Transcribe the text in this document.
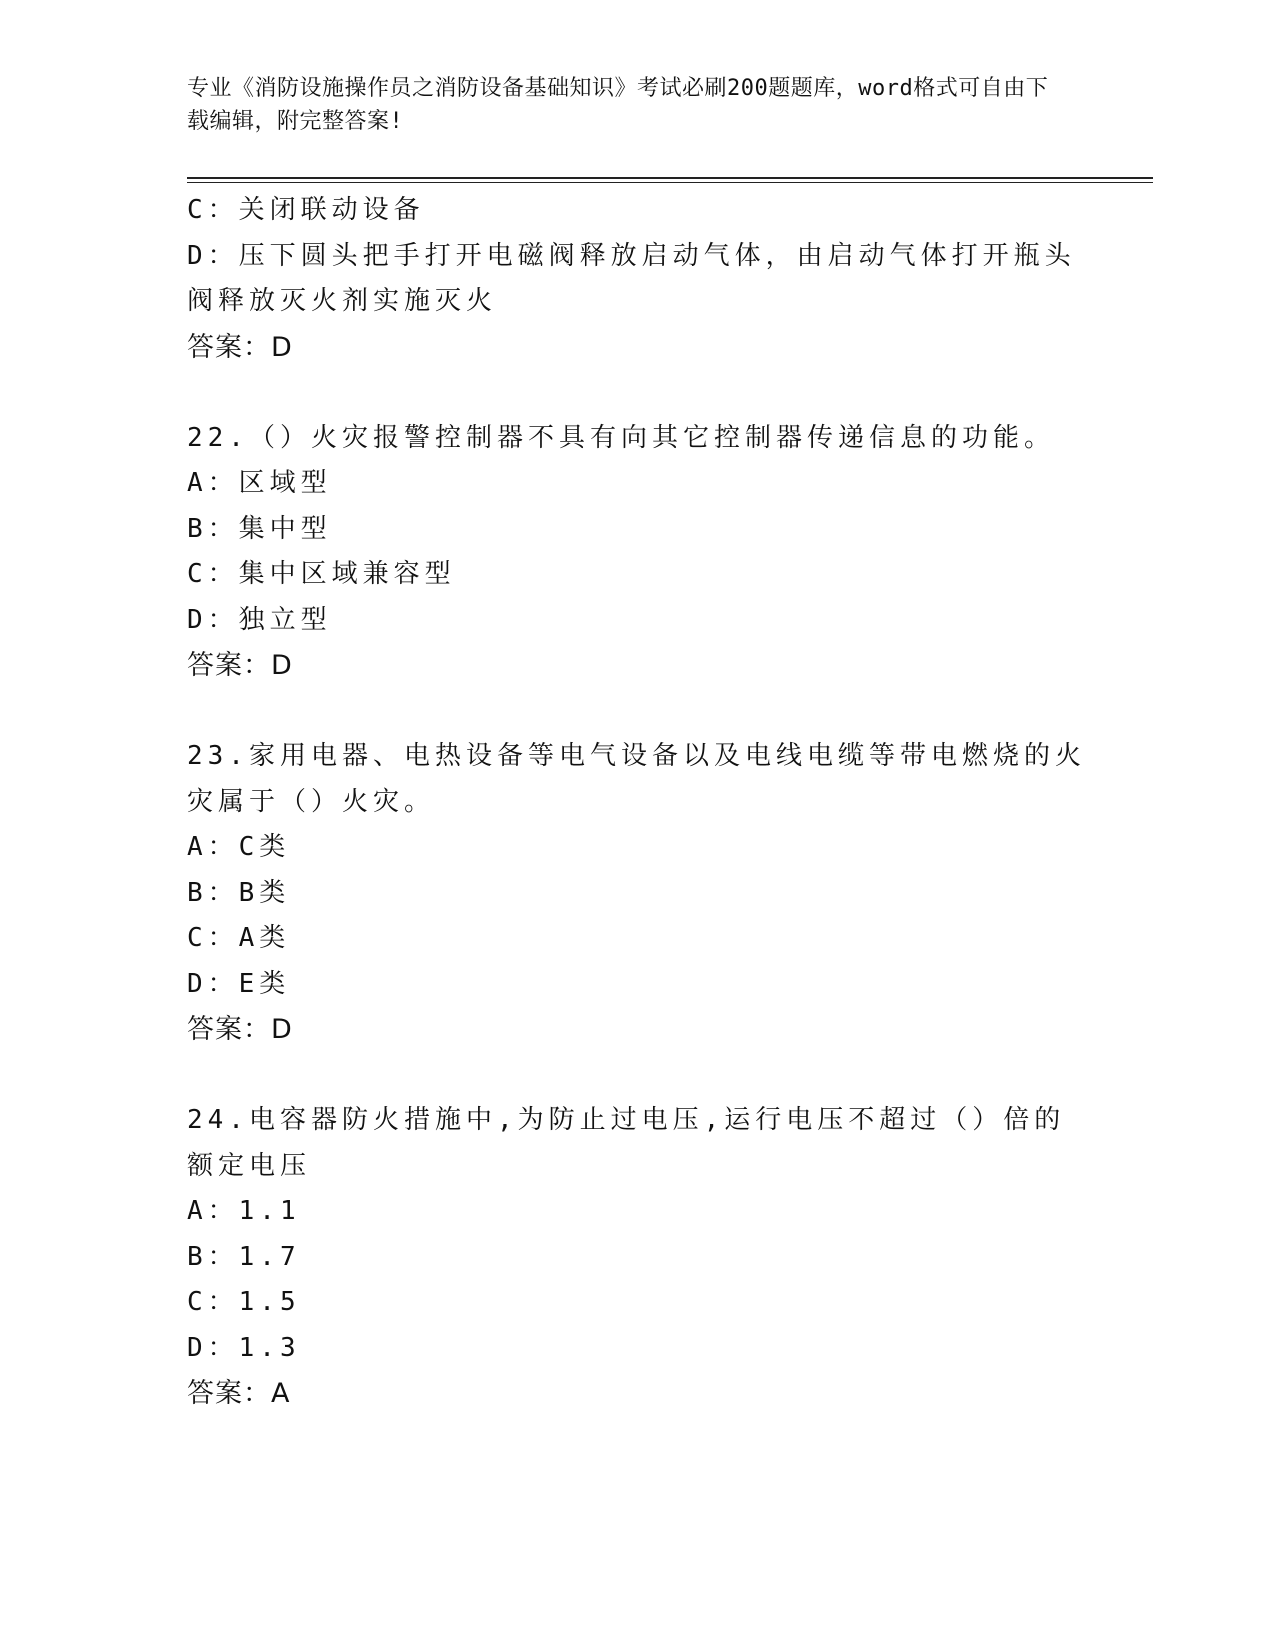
专业《消防设施操作员之消防设备基础知识》考试必刷200题题库，word格式可自由下载编辑，附完整答案!
C：关闭联动设备
D：压下圆头把手打开电磁阀释放启动气体，由启动气体打开瓶头阀释放灭火剂实施灭火
答案：D
22.（）火灾报警控制器不具有向其它控制器传递信息的功能。
A：区域型
B：集中型
C：集中区域兼容型
D：独立型
答案：D
23.家用电器、电热设备等电气设备以及电线电缆等带电燃烧的火灾属于（）火灾。
A：C类
B：B类
C：A类
D：E类
答案：D
24.电容器防火措施中,为防止过电压,运行电压不超过（）倍的额定电压
A：1.1
B：1.7
C：1.5
D：1.3
答案：A
